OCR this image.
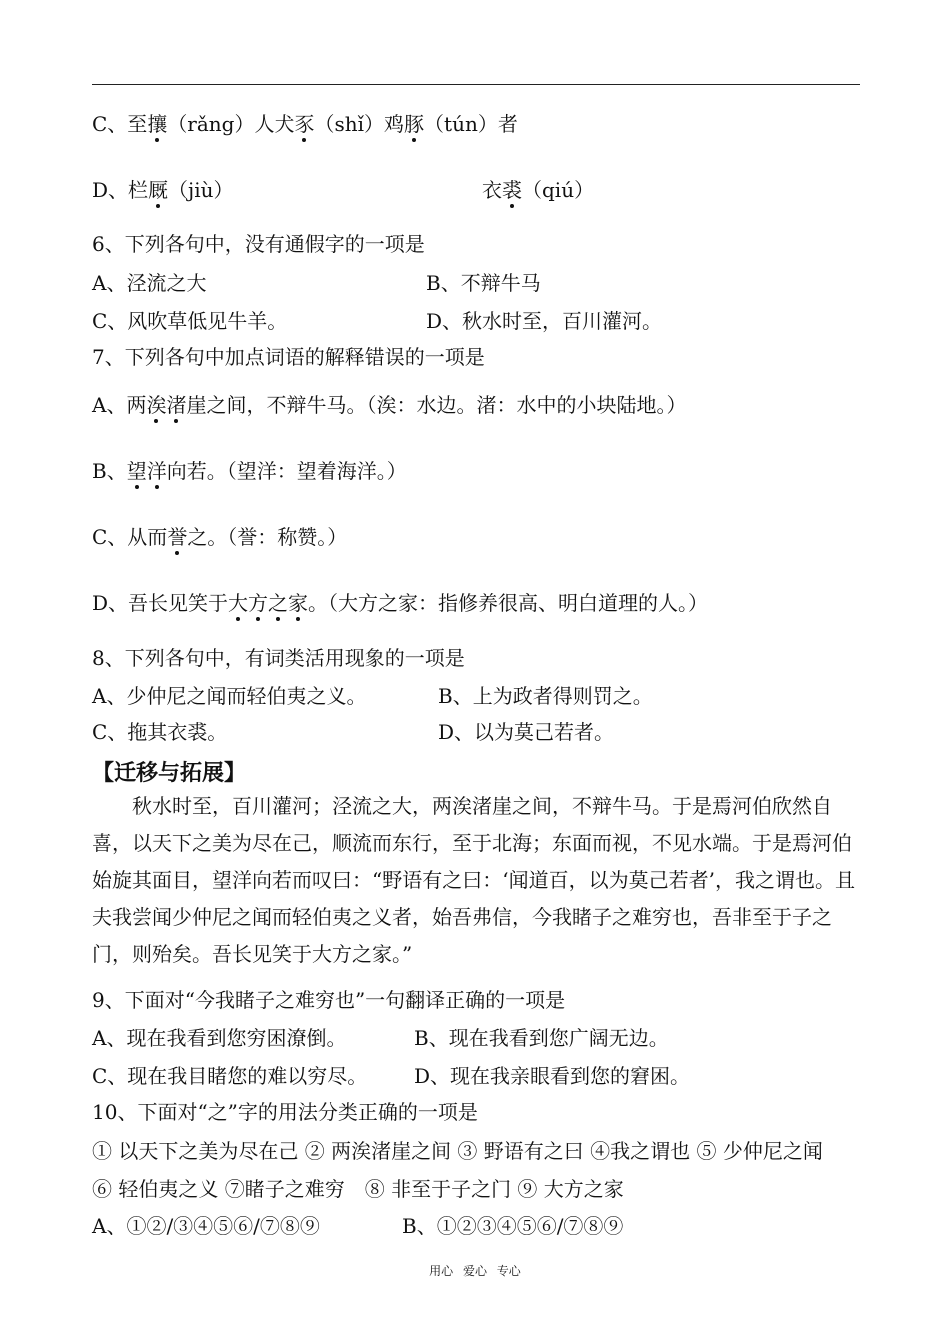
C、至攘（rǎng）人犬豕（shǐ）鸡豚（tún）者
D、栏厩（jiù）	衣裘（qiú）
6、下列各句中，没有通假字的一项是
A、泾流之大	B、不辩牛马
C、风吹草低见牛羊。	D、秋水时至，百川灌河。
7、下列各句中加点词语的解释错误的一项是
A、两涘渚崖之间，不辩牛马。（涘：水边。渚：水中的小块陆地。）
B、望洋向若。（望洋：望着海洋。）
C、从而誉之。（誉：称赞。）
D、吾长见笑于大方之家。（大方之家：指修养很高、明白道理的人。）
8、下列各句中，有词类活用现象的一项是
A、少仲尼之闻而轻伯夷之义。	B、上为政者得则罚之。
C、拖其衣裘。	D、以为莫己若者。
【迁移与拓展】

秋水时至，百川灌河；泾流之大，两涘渚崖之间，不辩牛马。于是焉河伯欣然自喜，以天下之美为尽在己，顺流而东行，至于北海；东面而视，不见水端。于是焉河伯始旋其面目，望洋向若而叹曰：“野语有之曰：‘闻道百，以为莫己若者’，我之谓也。且夫我尝闻少仲尼之闻而轻伯夷之义者，始吾弗信，今我睹子之难穷也，吾非至于子之门，则殆矣。吾长见笑于大方之家。”

9、下面对“今我睹子之难穷也”一句翻译正确的一项是
A、现在我看到您穷困潦倒。	B、现在我看到您广阔无边。
C、现在我目睹您的难以穷尽。 D、现在我亲眼看到您的窘困。
10、下面对“之”字的用法分类正确的一项是

① 以天下之美为尽在己 ② 两涘渚崖之间 ③ 野语有之曰 ④我之谓也 ⑤ 少仲尼之闻　⑥ 轻伯夷之义 ⑦睹子之难穷　⑧ 非至于子之门 ⑨ 大方之家

A、①②/③④⑤⑥/⑦⑧⑨	B、①②③④⑤⑥/⑦⑧⑨
用心 爱心 专心
